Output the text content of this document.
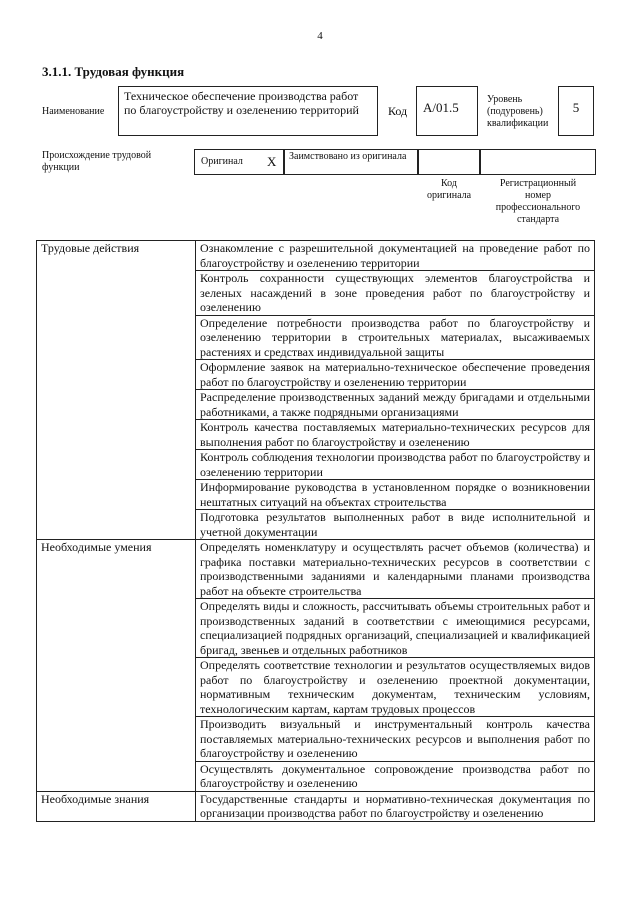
4
3.1.1. Трудовая функция
Наименование
Техническое обеспечение производства работ по благоустройству и озеленению территорий	Код	A/01.5
Уровень (подуровень) квалификации
5
Происхождение трудовой функции
Оригинал X	Заимствовано из оригинала
Код оригинала
Регистрационный номер профессионального стандарта
Трудовые действия	Ознакомление с разрешительной документацией на проведение работ по благоустройству и озеленению территории
	Контроль сохранности существующих элементов благоустройства и зеленых насаждений в зоне проведения работ по благоустройству и озеленению
	Определение потребности производства работ по благоустройству и озеленению территории в строительных материалах, высаживаемых растениях и средствах индивидуальной защиты
	Оформление заявок на материально-техническое обеспечение проведения работ по благоустройству и озеленению территории
	Распределение производственных заданий между бригадами и отдельными работниками, а также подрядными организациями
	Контроль качества поставляемых материально-технических ресурсов для выполнения работ по благоустройству и озеленению
	Контроль соблюдения технологии производства работ по благоустройству и озеленению территории
	Информирование руководства в установленном порядке о возникновении нештатных ситуаций на объектах строительства
	Подготовка результатов выполненных работ в виде исполнительной и учетной документации
Необходимые умения	Определять номенклатуру и осуществлять расчет объемов (количества) и графика поставки материально-технических ресурсов в соответствии с производственными заданиями и календарными планами производства работ на объекте строительства
	Определять виды и сложность, рассчитывать объемы строительных работ и производственных заданий в соответствии с имеющимися ресурсами, специализацией подрядных организаций, специализацией и квалификацией бригад, звеньев и отдельных работников
	Определять соответствие технологии и результатов осуществляемых видов работ по благоустройству и озеленению проектной документации, нормативным техническим документам, техническим условиям, технологическим картам, картам трудовых процессов
	Производить визуальный и инструментальный контроль качества поставляемых материально-технических ресурсов и выполнения работ по благоустройству и озеленению
	Осуществлять документальное сопровождение производства работ по благоустройству и озеленению
Необходимые знания	Государственные стандарты и нормативно-техническая документация по организации производства работ по благоустройству и озеленению
